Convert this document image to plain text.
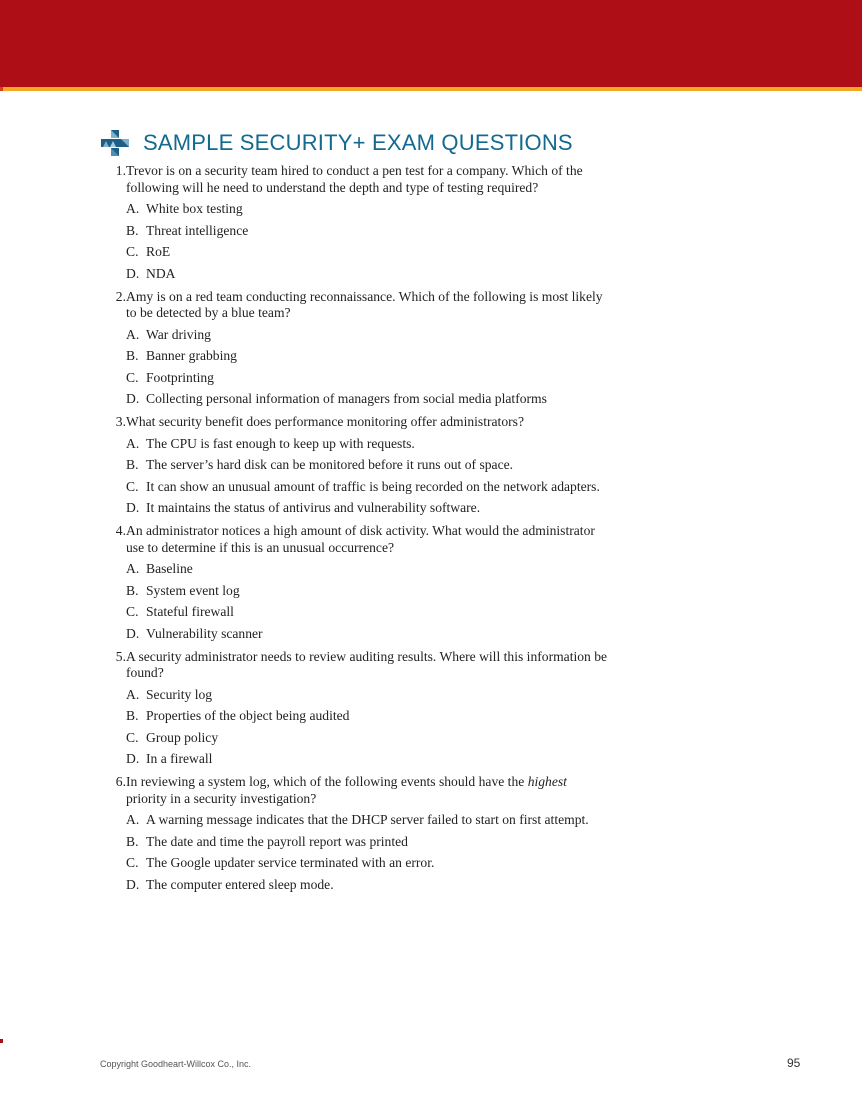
SAMPLE SECURITY+ EXAM QUESTIONS
1. Trevor is on a security team hired to conduct a pen test for a company. Which of the following will he need to understand the depth and type of testing required?
A. White box testing
B. Threat intelligence
C. RoE
D. NDA
2. Amy is on a red team conducting reconnaissance. Which of the following is most likely to be detected by a blue team?
A. War driving
B. Banner grabbing
C. Footprinting
D. Collecting personal information of managers from social media platforms
3. What security benefit does performance monitoring offer administrators?
A. The CPU is fast enough to keep up with requests.
B. The server’s hard disk can be monitored before it runs out of space.
C. It can show an unusual amount of traffic is being recorded on the network adapters.
D. It maintains the status of antivirus and vulnerability software.
4. An administrator notices a high amount of disk activity. What would the administrator use to determine if this is an unusual occurrence?
A. Baseline
B. System event log
C. Stateful firewall
D. Vulnerability scanner
5. A security administrator needs to review auditing results. Where will this information be found?
A. Security log
B. Properties of the object being audited
C. Group policy
D. In a firewall
6. In reviewing a system log, which of the following events should have the highest priority in a security investigation?
A. A warning message indicates that the DHCP server failed to start on first attempt.
B. The date and time the payroll report was printed
C. The Google updater service terminated with an error.
D. The computer entered sleep mode.
Copyright Goodheart-Willcox Co., Inc.	95
